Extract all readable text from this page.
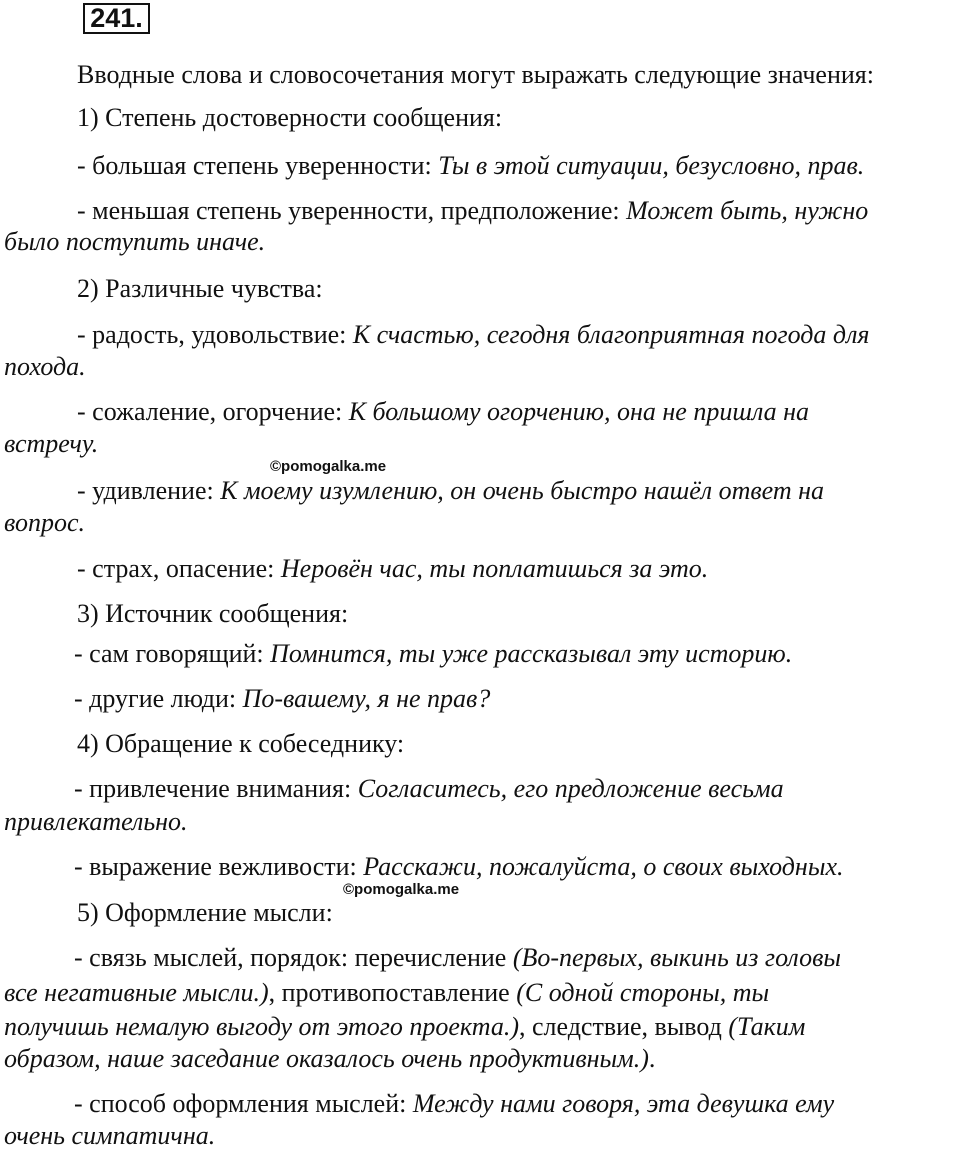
241.
Вводные слова и словосочетания могут выражать следующие значения:
1) Степень достоверности сообщения:
- большая степень уверенности: Ты в этой ситуации, безусловно, прав.
- меньшая степень уверенности, предположение: Может быть, нужно
было поступить иначе.
2) Различные чувства:
- радость, удовольствие: К счастью, сегодня благоприятная погода для
похода.
- сожаление, огорчение: К большому огорчению, она не пришла на
встречу.
©pomogalka.me
- удивление: К моему изумлению, он очень быстро нашёл ответ на
вопрос.
- страх, опасение: Неровён час, ты поплатишься за это.
3) Источник сообщения:
- сам говорящий: Помнится, ты уже рассказывал эту историю.
- другие люди: По-вашему, я не прав?
4) Обращение к собеседнику:
- привлечение внимания: Согласитесь, его предложение весьма
привлекательно.
- выражение вежливости: Расскажи, пожалуйста, о своих выходных.
©pomogalka.me
5) Оформление мысли:
- связь мыслей, порядок: перечисление (Во-первых, выкинь из головы
все негативные мысли.), противопоставление (С одной стороны, ты
получишь немалую выгоду от этого проекта.), следствие, вывод (Таким
образом, наше заседание оказалось очень продуктивным.).
- способ оформления мыслей: Между нами говоря, эта девушка ему
очень симпатична.
